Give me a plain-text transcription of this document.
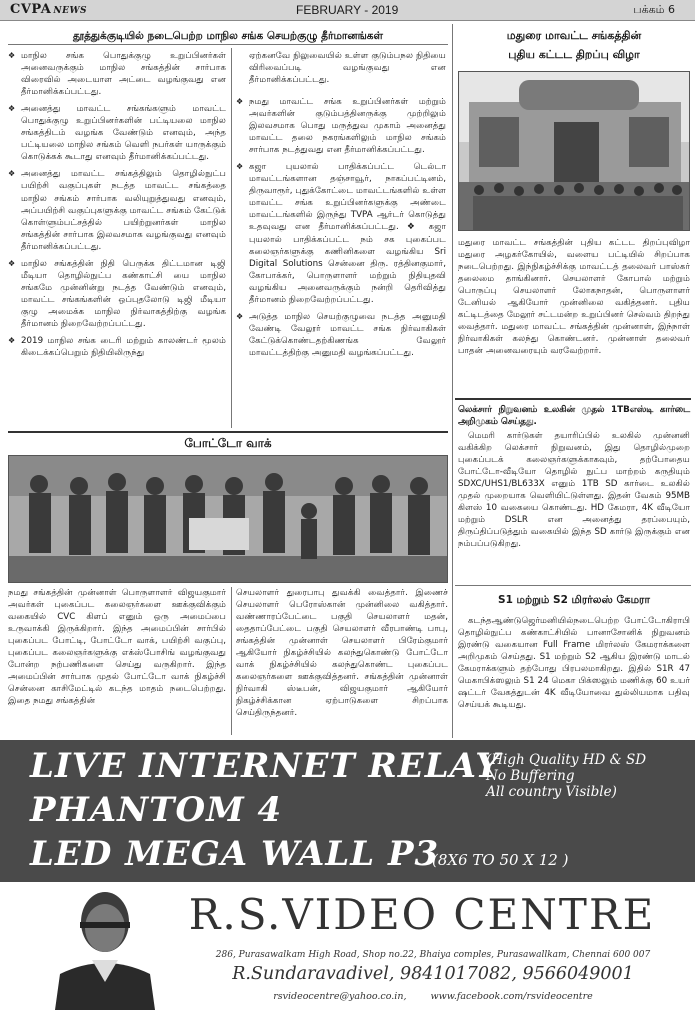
CVPA NEWS	FEBRUARY - 2019	பக்கம் 6
தூத்துக்குடியில் நடைபெற்ற மாநில சங்க செயற்குழு தீர்மானங்கள்
❖ மாநில சங்க பொதுக்குழு உறுப்பினர்கள் அனைவருக்கும் மாநில சங்கத்தின் சார்பாக விரைவில் அடையாள அட்டை வழங்குவது என தீர்மானிக்கப்பட்டது.
❖ அனைத்து மாவட்ட சங்கங்களும் மாவட்ட பொதுக்குழு உறுப்பினர்களின் பட்டியலை மாநில சங்கத்திடம் வழங்க வேண்டும் எனவும், அந்த பட்டியலை மாநில சங்கம் வெளி நபர்கள் யாருக்கும் கொடுக்கக் கூடாது எனவும் தீர்மானிக்கப்பட்டது.
❖ அனைத்து மாவட்ட சங்கத்திலும் தொழில்நுட்ப பயிற்சி வகுப்புகள் நடத்த மாவட்ட சங்கத்தை மாநில சங்கம் சார்பாக வலியுறுத்துவது எனவும், அப்பயிற்சி வகுப்புகளுக்கு மாவட்ட சங்கம் கேட்டுக் கொள்ளும்பட்சத்தில் பயிற்றுனர்கள் மாநில சங்கத்தின் சார்பாக இலவசமாக வழங்குவது எனவும் தீர்மானிக்கப்பட்டது.
❖ மாநில சங்கத்தின் நிதி பெருக்க திட்டமான டிஜி மீடியா தொழில்நுட்ப கண்காட்சி யை மாநில சங்கமே முன்னின்று நடத்த வேண்டும் எனவும், மாவட்ட சங்கங்களின் ஒப்புதலோடு டிஜி மீடியா குழு அமைக்க மாநில நிர்வாகத்திற்கு வழங்க தீர்மானம் நிறைவேற்றப்பட்டது.
❖ 2019 மாநில சங்க டைரி மற்றும் காலண்டர் மூலம் கிடைக்கப்பெறும் நிதியிலிருந்து
ஏற்கனவே நிலுவையில் உள்ள குடும்பநல நிதியை விரிவைப்படி வழங்குவது என தீர்மானிக்கப்பட்டது.
❖ நமது மாவட்ட சங்க உறுப்பினர்கள் மற்றும் அவர்களின் குடும்பத்தினருக்கு முற்றிலும் இலவசமாக பொது மருத்துவ முகாம் அனைத்து மாவட்ட தலை நகரங்களிலும் மாநில சங்கம் சார்பாக நடத்துவது என தீர்மானிக்கப்பட்டது.
❖ கஜா புயலால் பாதிக்கப்பட்ட டெல்டா மாவட்டங்களான தஞ்சாவூர், நாகப்பட்டினம், திருவாரூர், புதுக்கோட்டை மாவட்டங்களில் உள்ள மாவட்ட சங்க உறுப்பினர்களுக்கு அண்டை மாவட்டங்களில் இருந்து TVPA ஆர்டர் கொடுத்து உதவுவது என தீர்மானிக்கப்பட்டது. ❖ கஜா புயலால் பாதிக்கப்பட்ட நம் சக புகைப்பட கலைஞர்களுக்கு கணினிகளை வழங்கிய Sri Digital Solutions சென்னை திரு. ரத்தினகுமார், கோபாக்கர், பொருளாளர் மற்றும் நிதியுதவி வழங்கிய அனைவருக்கும் நன்றி தெரிவித்து தீர்மானம் நிறைவேற்றப்பட்டது.
❖ அடுத்த மாநில செயற்குழுவை நடத்த அனுமதி வேண்டி வேலூர் மாவட்ட சங்க நிர்வாகிகள் கேட்டுக்கொண்டதற்கிணங்க வேலூர் மாவட்டத்திற்கு அனுமதி வழங்கப்பட்டது.
மதுரை மாவட்ட சங்கத்தின்
புதிய கட்டட திறப்பு விழா
மதுரை மாவட்ட சங்கத்தின் புதிய கட்டட திறப்புவிழா மதுரை அழகர்கோயில், வளைய பட்டியில் சிறப்பாக நடைபெற்றது. இந்நிகழ்ச்சிக்கு மாவட்டத் தலைவர் பாஸ்கர் தலைமை தாங்கினார். செயலாளர் கோபால் மற்றும் பொருப்பு செயலாளர் லோகநாதன், பொருளாளர் டேனியல் ஆகியோர் முன்னிலை வகித்தனர். புதிய கட்டிடத்தை மேலூர் சட்டமன்ற உறுப்பினர் செல்வம் திறந்து வைத்தார். மதுரை மாவட்ட சங்கத்தின் முன்னாள், இந்நாள் நிர்வாகிகள் கலந்து கொண்டனர். முன்னாள் தலைவர் பாதன் அனைவரையும் வரவேற்றார்.
போட்டோ வாக்
நமது சங்கத்தின் முன்னாள் பொருளாளர் விஜயகுமார் அவர்கள் புகைப்பட கலைஞர்களை ஊக்குவிக்கும் வகையில் CVC கிளப் எனும் ஒரு அமைப்பை உருவாக்கி இருக்கிறார். இந்த அமைப்பின் சார்பில் புகைப்பட போட்டி, போட்டோ வாக், பயிற்சி வகுப்பு, புகைப்பட கலைஞர்களுக்கு எக்ஸ்போசிங் வழங்குவது போன்ற நற்பணிகளை செய்து வருகிறார். இந்த அமைப்பின் சார்பாக முதல் போட்டோ வாக் நிகழ்ச்சி சென்னை காசிமேட்டில் கடந்த மாதம் நடைபெற்றது. இதை நமது சங்கத்தின்
செயலாளர் துரைபாபு துவக்கி வைத்தார். இணைச் செயலாளர் பெரோஸ்கான் முன்னிலை வகித்தார். வண்ணாரப்பேட்டை பகுதி செயலாளர் மதன், தைதாப்பேட்டை பகுதி செயலாளர் வீரபாண்டி பாபு, சங்கத்தின் முன்னாள் செயலாளர் பிரேம்குமார் ஆகியோர் நிகழ்ச்சியில் கலந்துகொண்டு போட்டோ வாக் நிகழ்ச்சியில் கலந்துகொண்ட புகைப்பட கலைஞர்களை ஊக்குவித்தனர். சங்கத்தின் முன்னாள் நிர்வாகி ஸ்டீபன், விஜயகுமார் ஆகியோர் நிகழ்ச்சிக்கான ஏற்பாடுகளை சிறப்பாக செய்திருந்தனர்.
லெக்சார் நிறுவனம் உலகின் முதல் 1TBஎஸ்டி கார்டை அறிமுகம் செய்தது.
மெமரி கார்டுகள் தயாரிப்பில் உலகில் முன்னனி வகிக்கிற லெக்சார் நிறுவனம், இது தொழில்முறை புகைப்படக் கலைஞர்களுக்காகவும், தற்போதைய போட்டோ-வீடியோ தொழில் நுட்ப மாற்றம் கருதியும் SDXC/UHS1/BL633X எனும் 1TB SD கார்டை உலகில் முதல் முறையாக வெளியிட்டுள்ளது. இதன் வேகம் 95MB கிளஸ் 10 வகையை கொண்டது. HD கேமரா, 4K வீடியோ மற்றும் DSLR என அனைத்து தரப்பையும், திருப்திப்படுத்தும் வகையில் இந்த SD கார்டு இருக்கும் என நம்பப்படுகிறது.
S1 மற்றும் S2 மிரர்லஸ் கேமரா
கடந்தஆண்டுஜெர்மனியில்நடைபெற்ற போட்டோகிராபி தொழில்நுட்ப கண்காட்சியில் பானாசோனிக் நிறுவனம் இரண்டு வகையான Full Frame மிரர்லஸ் கேமராக்களை அறிமுகம் செய்தது. S1 மற்றும் S2 ஆகிய இரண்டு மாடல் கேமராக்களும் தற்போது பிரபலமாகிறது. இதில் S1R 47 மெகாபிக்ஸலும் S1 24 மெகா பிக்ஸலும் மணிக்கு 60 உயர் ஷட்டர் வேகத்துடன் 4K வீடியோவை துல்லியமாக பதிவு செய்யக் கூடியது.
LIVE INTERNET RELAY
(High Quality HD & SD
No Buffering
All country Visible)
PHANTOM 4
LED MEGA WALL P3
(8X6 TO 50 X 12 )
R.S.VIDEO CENTRE
286, Purasawalkam High Road, Shop no.22, Bhaiya comples, Purasawallkam, Chennai 600 007
R.Sundaravadivel, 9841017082, 9566049001
rsvideocentre@yahoo.co.in,	www.facebook.com/rsvideocentre
